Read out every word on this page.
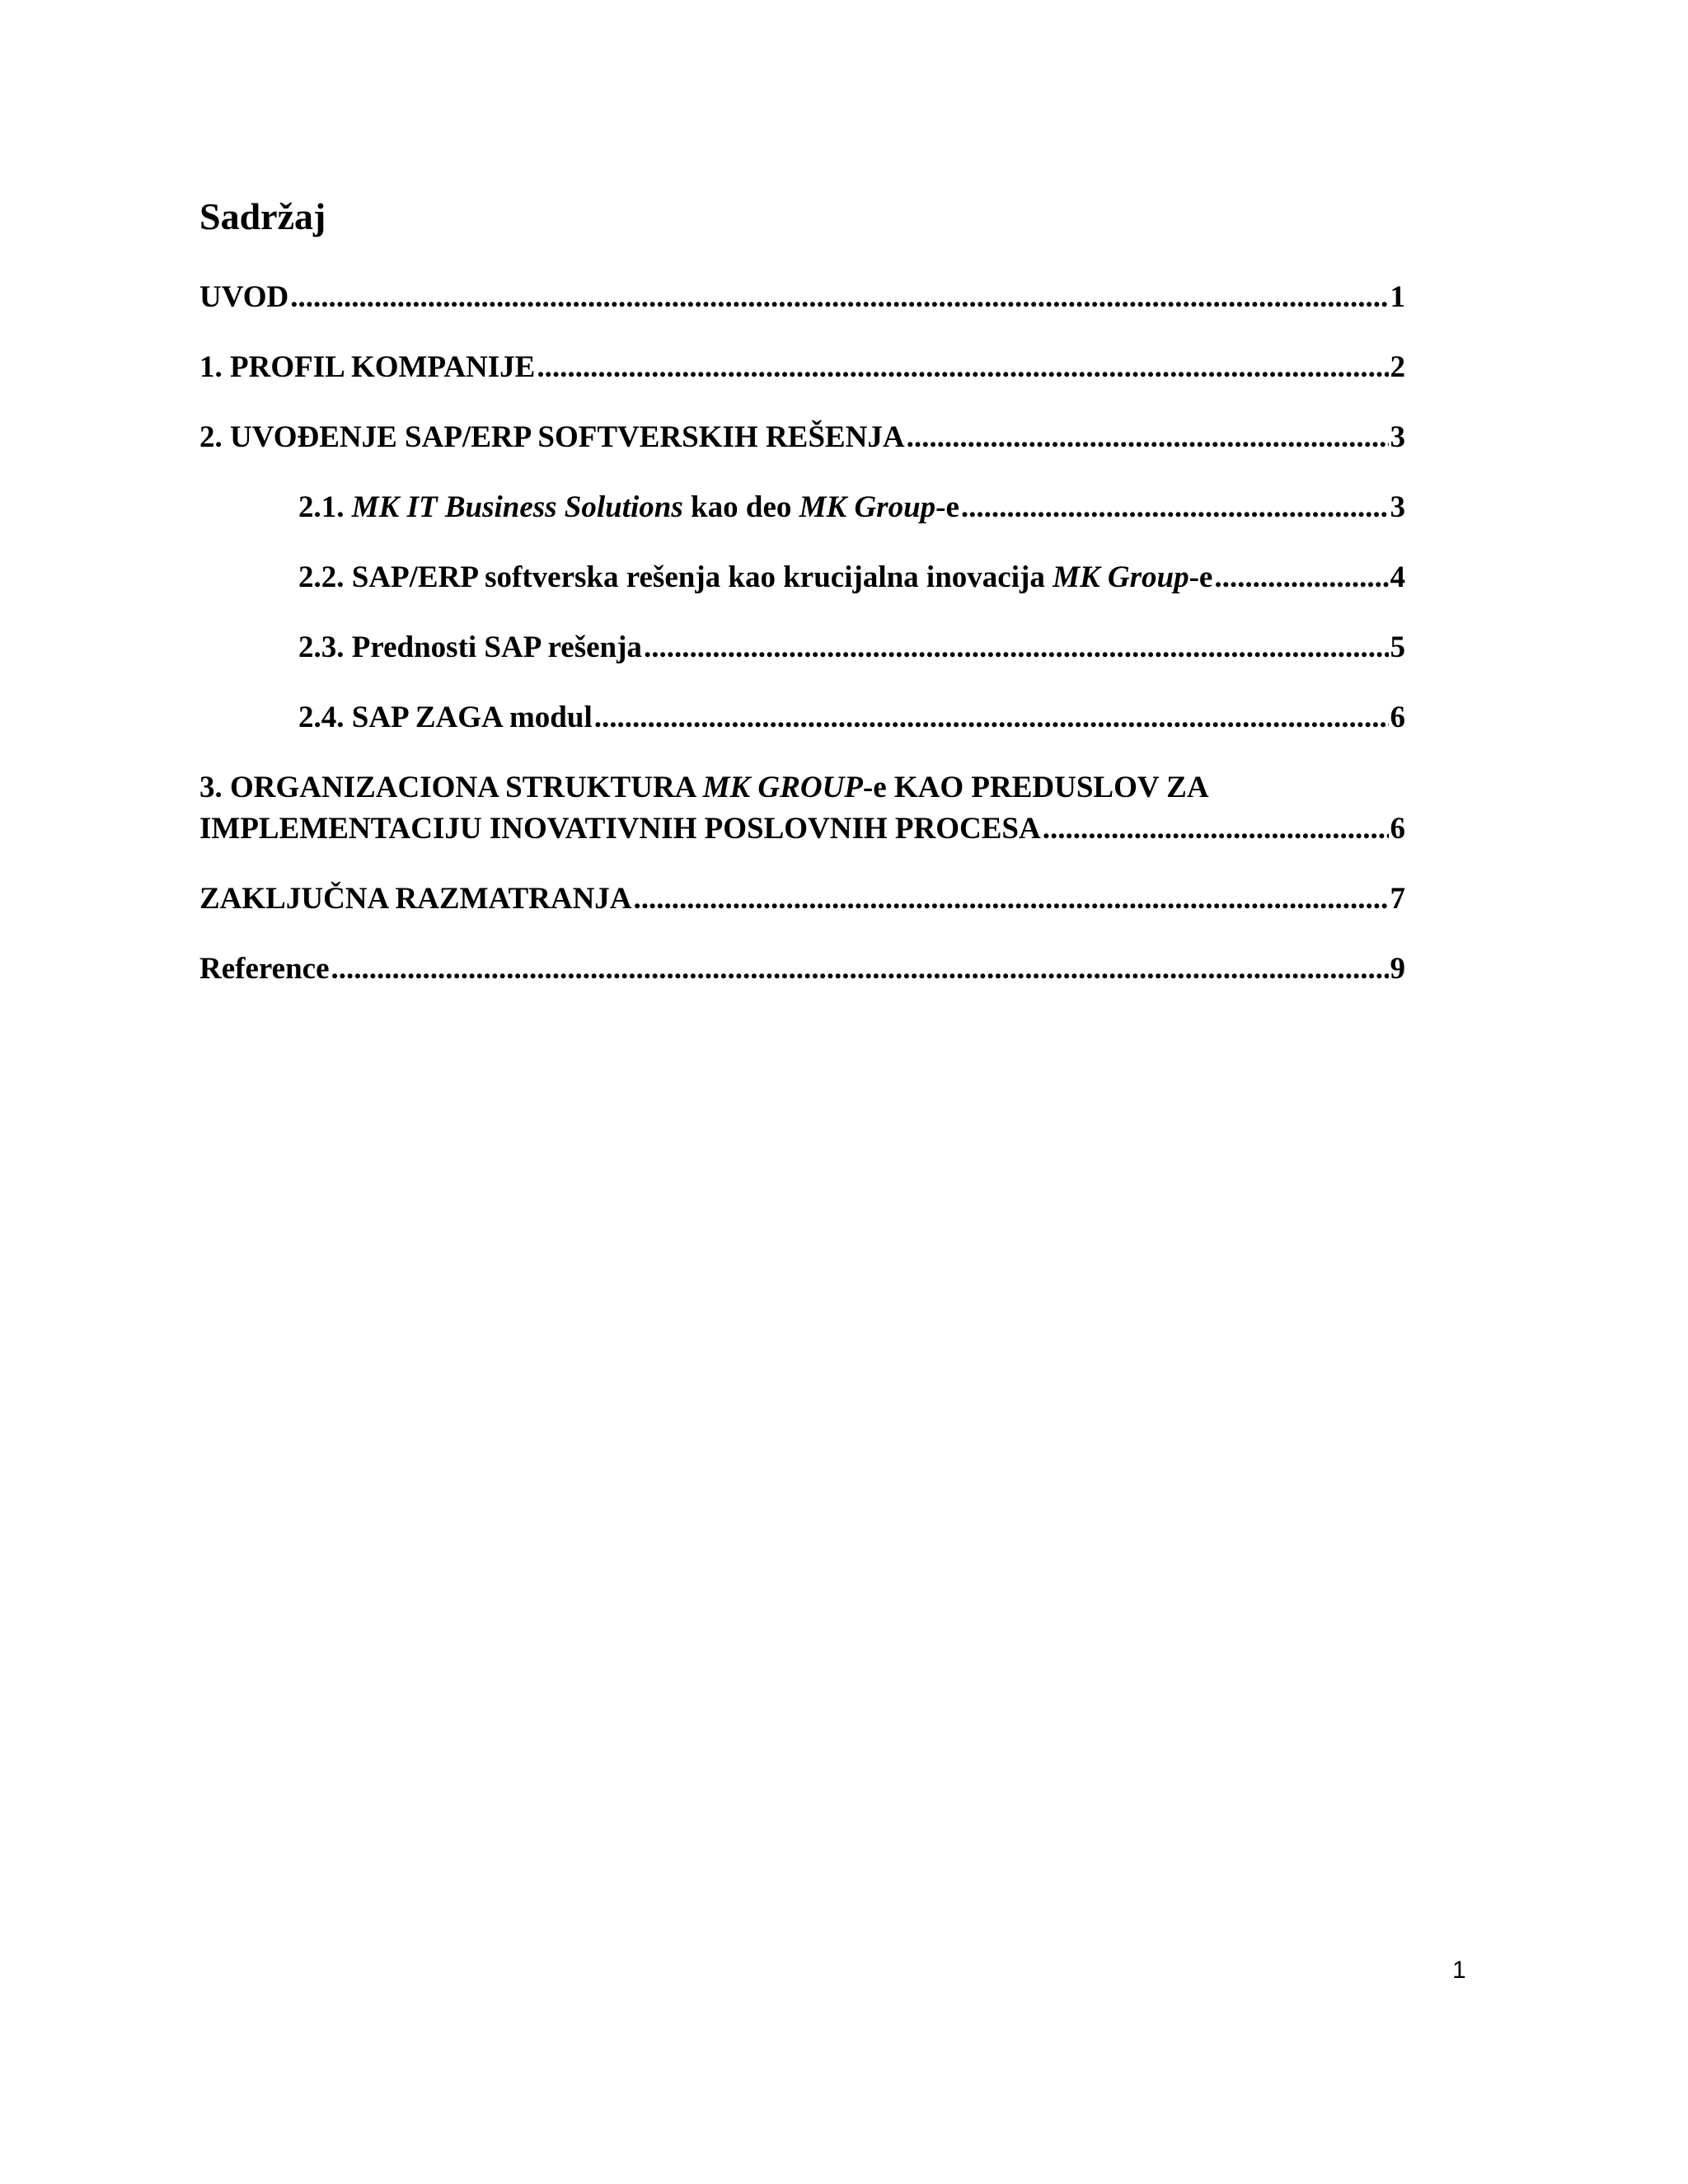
Sadržaj
UVOD .....	1
1. PROFIL KOMPANIJE .....	2
2. UVOĐENJE SAP/ERP SOFTVERSKIH REŠENJA .....	3
2.1. MK IT Business Solutions kao deo MK Group-e .....	3
2.2. SAP/ERP softverska rešenja kao krucijalna inovacija MK Group-e .....	4
2.3. Prednosti SAP rešenja .....	5
2.4. SAP ZAGA modul .....	6
3. ORGANIZACIONA STRUKTURA MK GROUP-e KAO PREDUSLOV ZA
IMPLEMENTACIJU INOVATIVNIH POSLOVNIH PROCESA .....	6
ZAKLJUČNA RAZMATRANJA .....	7
Reference .....	9
1
